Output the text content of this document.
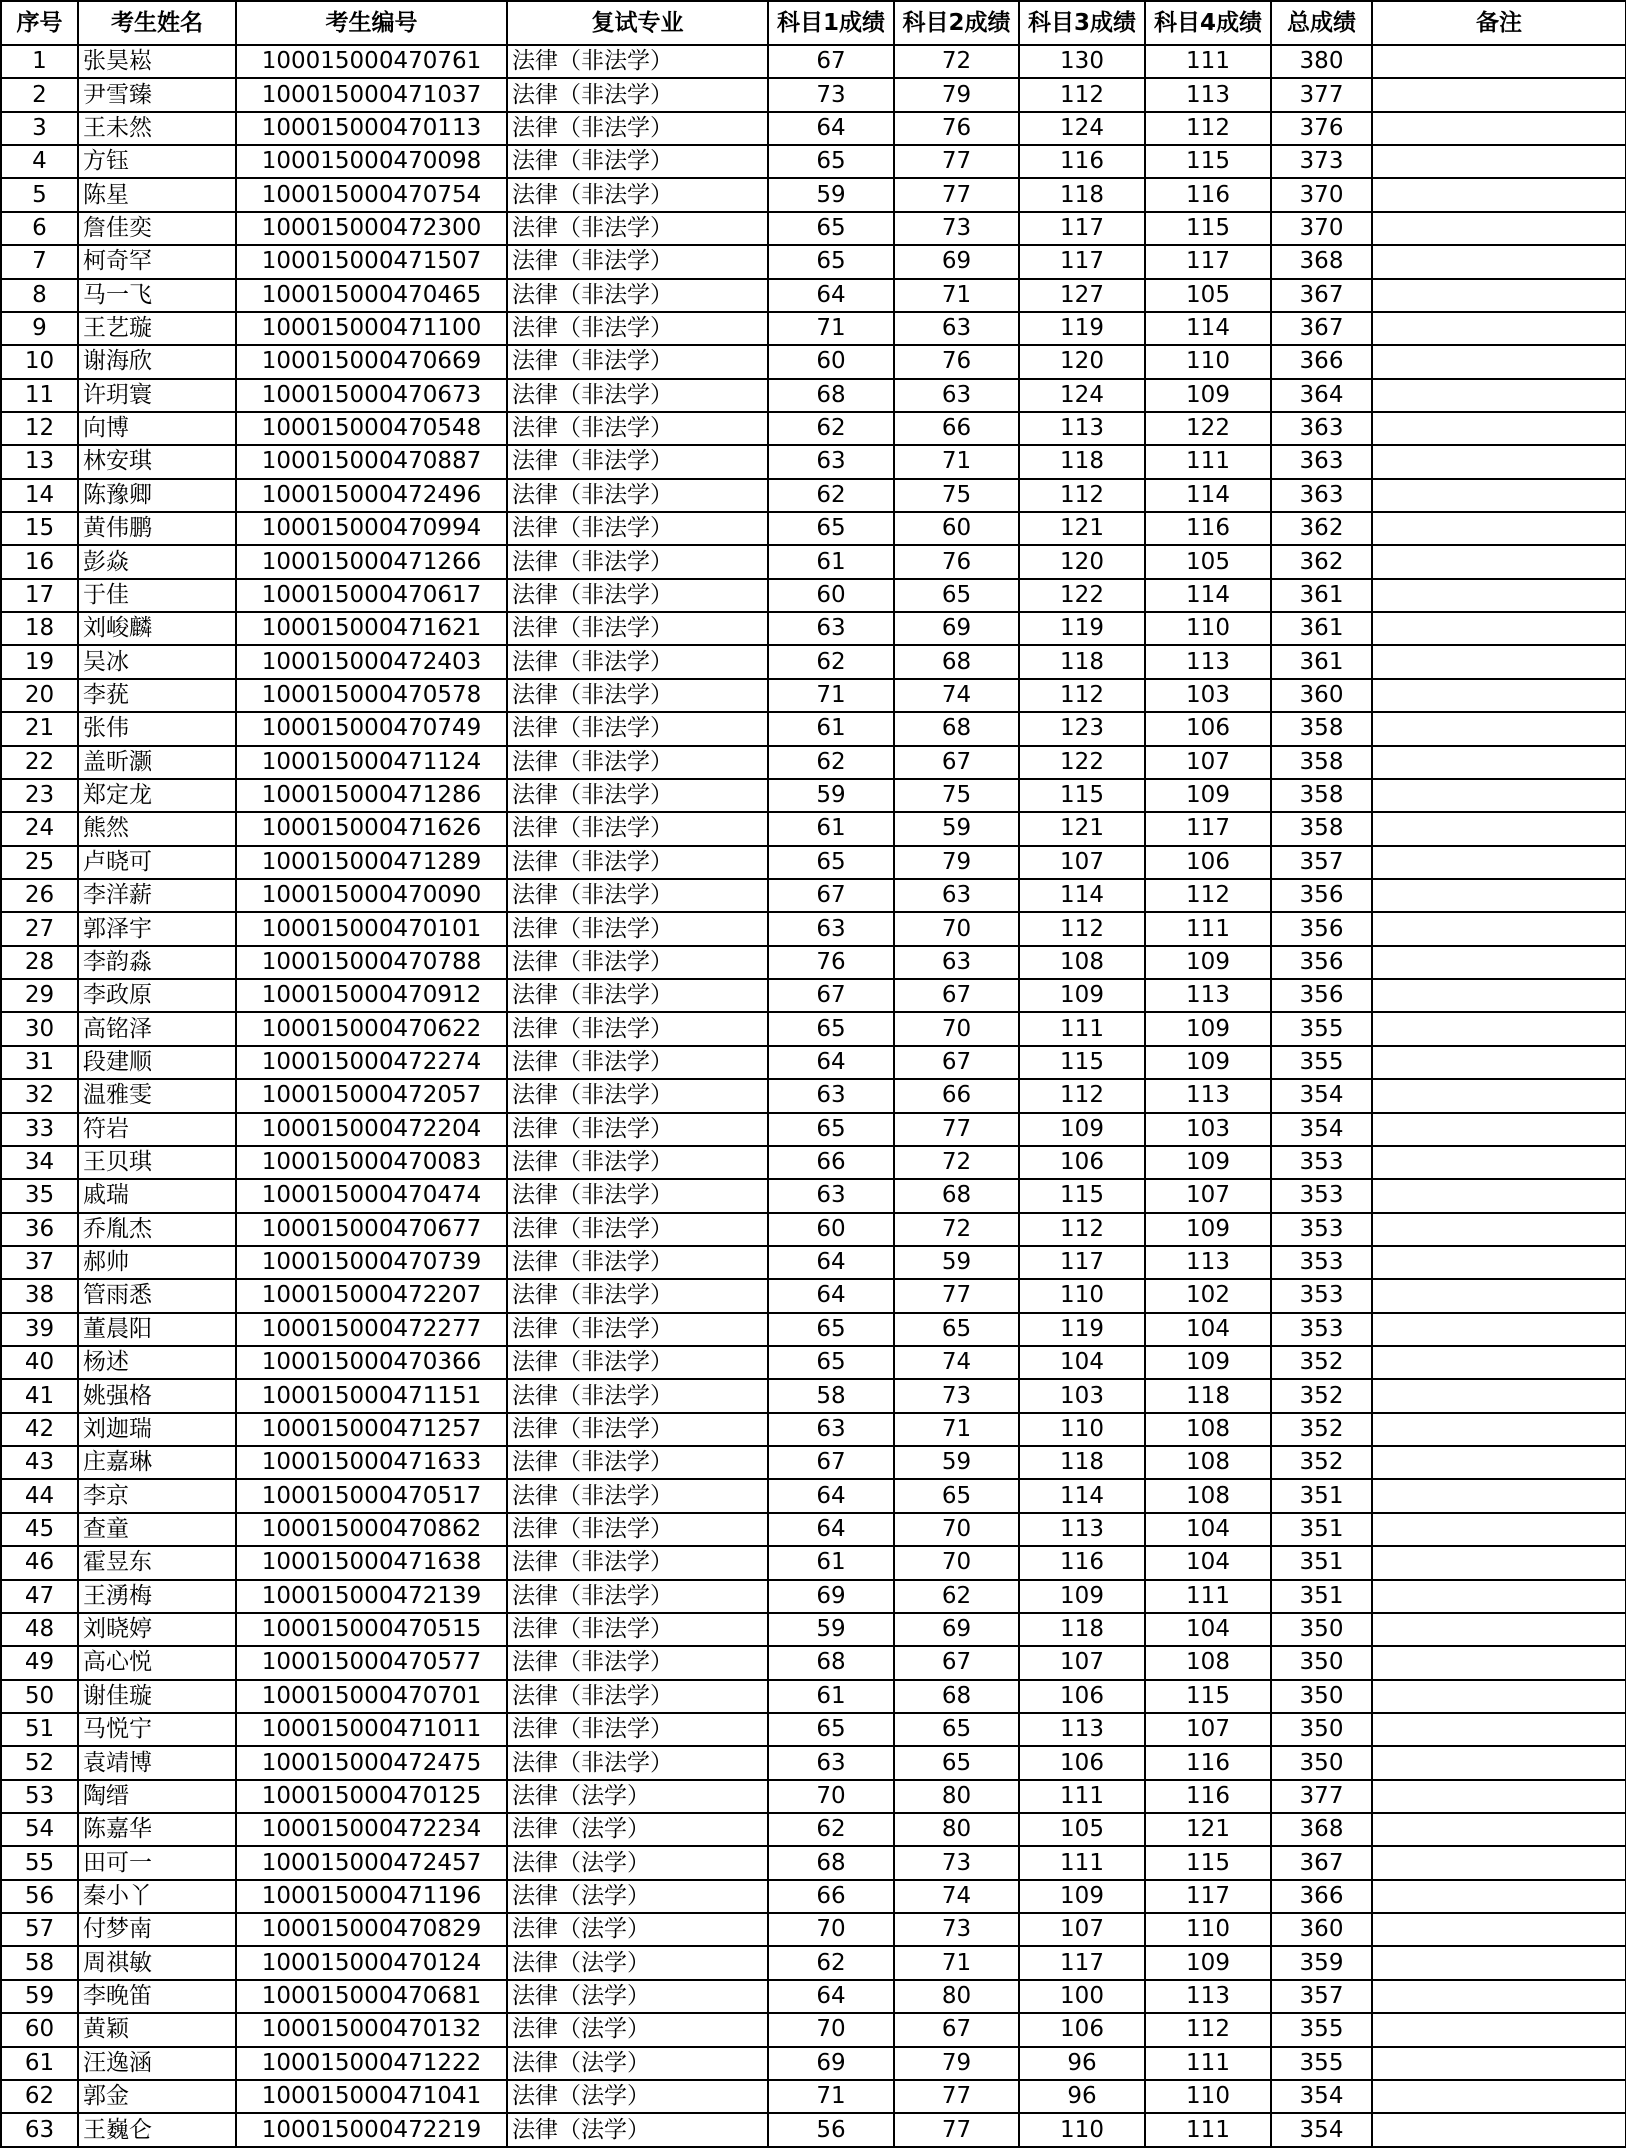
序号	考生姓名	考生编号	复试专业	科目1成绩	科目2成绩	科目3成绩	科目4成绩	总成绩	备注
1	张昊崧	100015000470761	法律（非法学）	67	72	130	111	380	
2	尹雪臻	100015000471037	法律（非法学）	73	79	112	113	377	
3	王未然	100015000470113	法律（非法学）	64	76	124	112	376	
4	方钰	100015000470098	法律（非法学）	65	77	116	115	373	
5	陈星	100015000470754	法律（非法学）	59	77	118	116	370	
6	詹佳奕	100015000472300	法律（非法学）	65	73	117	115	370	
7	柯奇罕	100015000471507	法律（非法学）	65	69	117	117	368	
8	马一飞	100015000470465	法律（非法学）	64	71	127	105	367	
9	王艺璇	100015000471100	法律（非法学）	71	63	119	114	367	
10	谢海欣	100015000470669	法律（非法学）	60	76	120	110	366	
11	许玥寰	100015000470673	法律（非法学）	68	63	124	109	364	
12	向博	100015000470548	法律（非法学）	62	66	113	122	363	
13	林安琪	100015000470887	法律（非法学）	63	71	118	111	363	
14	陈豫卿	100015000472496	法律（非法学）	62	75	112	114	363	
15	黄伟鹏	100015000470994	法律（非法学）	65	60	121	116	362	
16	彭焱	100015000471266	法律（非法学）	61	76	120	105	362	
17	于佳	100015000470617	法律（非法学）	60	65	122	114	361	
18	刘峻麟	100015000471621	法律（非法学）	63	69	119	110	361	
19	吴冰	100015000472403	法律（非法学）	62	68	118	113	361	
20	李莸	100015000470578	法律（非法学）	71	74	112	103	360	
21	张伟	100015000470749	法律（非法学）	61	68	123	106	358	
22	盖昕灏	100015000471124	法律（非法学）	62	67	122	107	358	
23	郑定龙	100015000471286	法律（非法学）	59	75	115	109	358	
24	熊然	100015000471626	法律（非法学）	61	59	121	117	358	
25	卢晓可	100015000471289	法律（非法学）	65	79	107	106	357	
26	李洋薪	100015000470090	法律（非法学）	67	63	114	112	356	
27	郭泽宇	100015000470101	法律（非法学）	63	70	112	111	356	
28	李韵淼	100015000470788	法律（非法学）	76	63	108	109	356	
29	李政原	100015000470912	法律（非法学）	67	67	109	113	356	
30	高铭泽	100015000470622	法律（非法学）	65	70	111	109	355	
31	段建顺	100015000472274	法律（非法学）	64	67	115	109	355	
32	温雅雯	100015000472057	法律（非法学）	63	66	112	113	354	
33	符岩	100015000472204	法律（非法学）	65	77	109	103	354	
34	王贝琪	100015000470083	法律（非法学）	66	72	106	109	353	
35	戚瑞	100015000470474	法律（非法学）	63	68	115	107	353	
36	乔胤杰	100015000470677	法律（非法学）	60	72	112	109	353	
37	郝帅	100015000470739	法律（非法学）	64	59	117	113	353	
38	管雨悉	100015000472207	法律（非法学）	64	77	110	102	353	
39	董晨阳	100015000472277	法律（非法学）	65	65	119	104	353	
40	杨述	100015000470366	法律（非法学）	65	74	104	109	352	
41	姚强格	100015000471151	法律（非法学）	58	73	103	118	352	
42	刘迦瑞	100015000471257	法律（非法学）	63	71	110	108	352	
43	庄嘉琳	100015000471633	法律（非法学）	67	59	118	108	352	
44	李京	100015000470517	法律（非法学）	64	65	114	108	351	
45	查童	100015000470862	法律（非法学）	64	70	113	104	351	
46	霍昱东	100015000471638	法律（非法学）	61	70	116	104	351	
47	王湧梅	100015000472139	法律（非法学）	69	62	109	111	351	
48	刘晓婷	100015000470515	法律（非法学）	59	69	118	104	350	
49	高心悦	100015000470577	法律（非法学）	68	67	107	108	350	
50	谢佳璇	100015000470701	法律（非法学）	61	68	106	115	350	
51	马悦宁	100015000471011	法律（非法学）	65	65	113	107	350	
52	袁靖博	100015000472475	法律（非法学）	63	65	106	116	350	
53	陶缙	100015000470125	法律（法学）	70	80	111	116	377	
54	陈嘉华	100015000472234	法律（法学）	62	80	105	121	368	
55	田可一	100015000472457	法律（法学）	68	73	111	115	367	
56	秦小丫	100015000471196	法律（法学）	66	74	109	117	366	
57	付梦南	100015000470829	法律（法学）	70	73	107	110	360	
58	周祺敏	100015000470124	法律（法学）	62	71	117	109	359	
59	李晚笛	100015000470681	法律（法学）	64	80	100	113	357	
60	黄颖	100015000470132	法律（法学）	70	67	106	112	355	
61	汪逸涵	100015000471222	法律（法学）	69	79	96	111	355	
62	郭金	100015000471041	法律（法学）	71	77	96	110	354	
63	王巍仑	100015000472219	法律（法学）	56	77	110	111	354	
